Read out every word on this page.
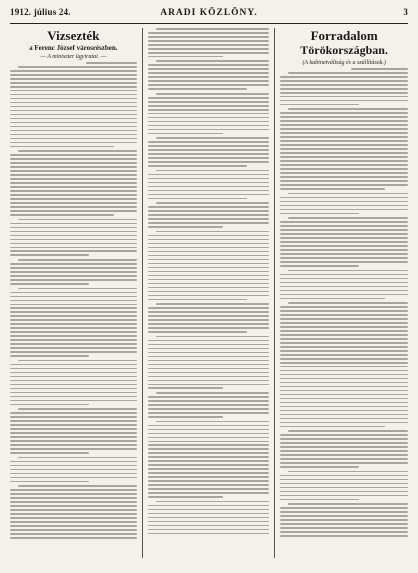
1912. július 24.	ARADI KÖZLÖNY.	3
Vizsezték
a Ferenc József városrészben.
— A miniszter ügyiratai. —
Forradalom
Törökországban.
(A kabinetváltság és a szállítások.)
